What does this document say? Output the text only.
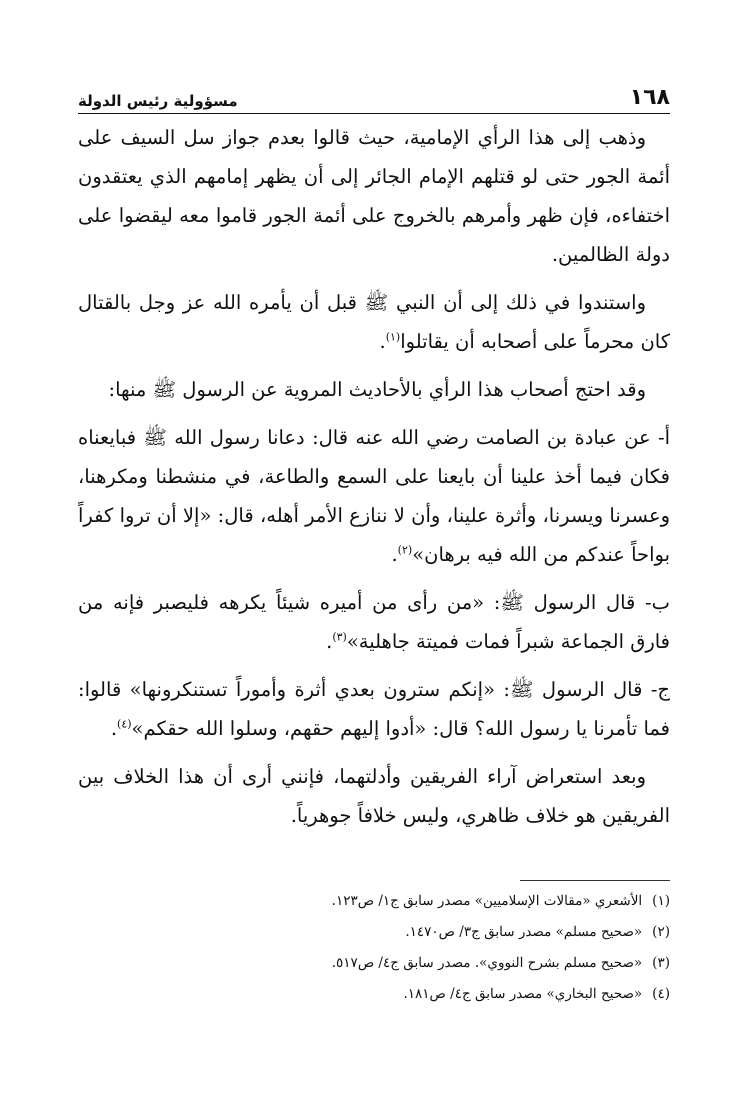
١٦٨
مسؤولية رئيس الدولة

وذهب إلى هذا الرأي الإمامية، حيث قالوا بعدم جواز سل السيف على أئمة الجور حتى لو قتلهم الإمام الجائر إلى أن يظهر إمامهم الذي يعتقدون اختفاءه، فإن ظهر وأمرهم بالخروج على أئمة الجور قاموا معه ليقضوا على دولة الظالمين.

واستندوا في ذلك إلى أن النبي ﷺ قبل أن يأمره الله عز وجل بالقتال كان محرماً على أصحابه أن يقاتلوا$^{(١)}$.

وقد احتج أصحاب هذا الرأي بالأحاديث المروية عن الرسول ﷺ منها:

أ- عن عبادة بن الصامت رضي الله عنه قال: دعانا رسول الله ﷺ فبايعناه فكان فيما أخذ علينا أن بايعنا على السمع والطاعة، في منشطنا ومكرهنا، وعسرنا ويسرنا، وأثرة علينا، وأن لا ننازع الأمر أهله، قال: «إلا أن تروا كفراً بواحاً عندكم من الله فيه برهان»$^{(٢)}$.

ب- قال الرسول ﷺ: «من رأى من أميره شيئاً يكرهه فليصبر فإنه من فارق الجماعة شبراً فمات فميتة جاهلية»$^{(٣)}$.

ج- قال الرسول ﷺ: «إنكم سترون بعدي أثرة وأموراً تستنكرونها» قالوا: فما تأمرنا يا رسول الله؟ قال: «أدوا إليهم حقهم، وسلوا الله حقكم»$^{(٤)}$.

وبعد استعراض آراء الفريقين وأدلتهما، فإنني أرى أن هذا الخلاف بين الفريقين هو خلاف ظاهري، وليس خلافاً جوهرياً.

(١)الأشعري «مقالات الإسلاميين» مصدر سابق ج١/ ص١٢٣.
(٢)«صحيح مسلم» مصدر سابق ج٣/ ص١٤٧٠.
(٣)«صحيح مسلم بشرح النووي». مصدر سابق ج٤/ ص٥١٧.
(٤)«صحيح البخاري» مصدر سابق ج٤/ ص١٨١.
